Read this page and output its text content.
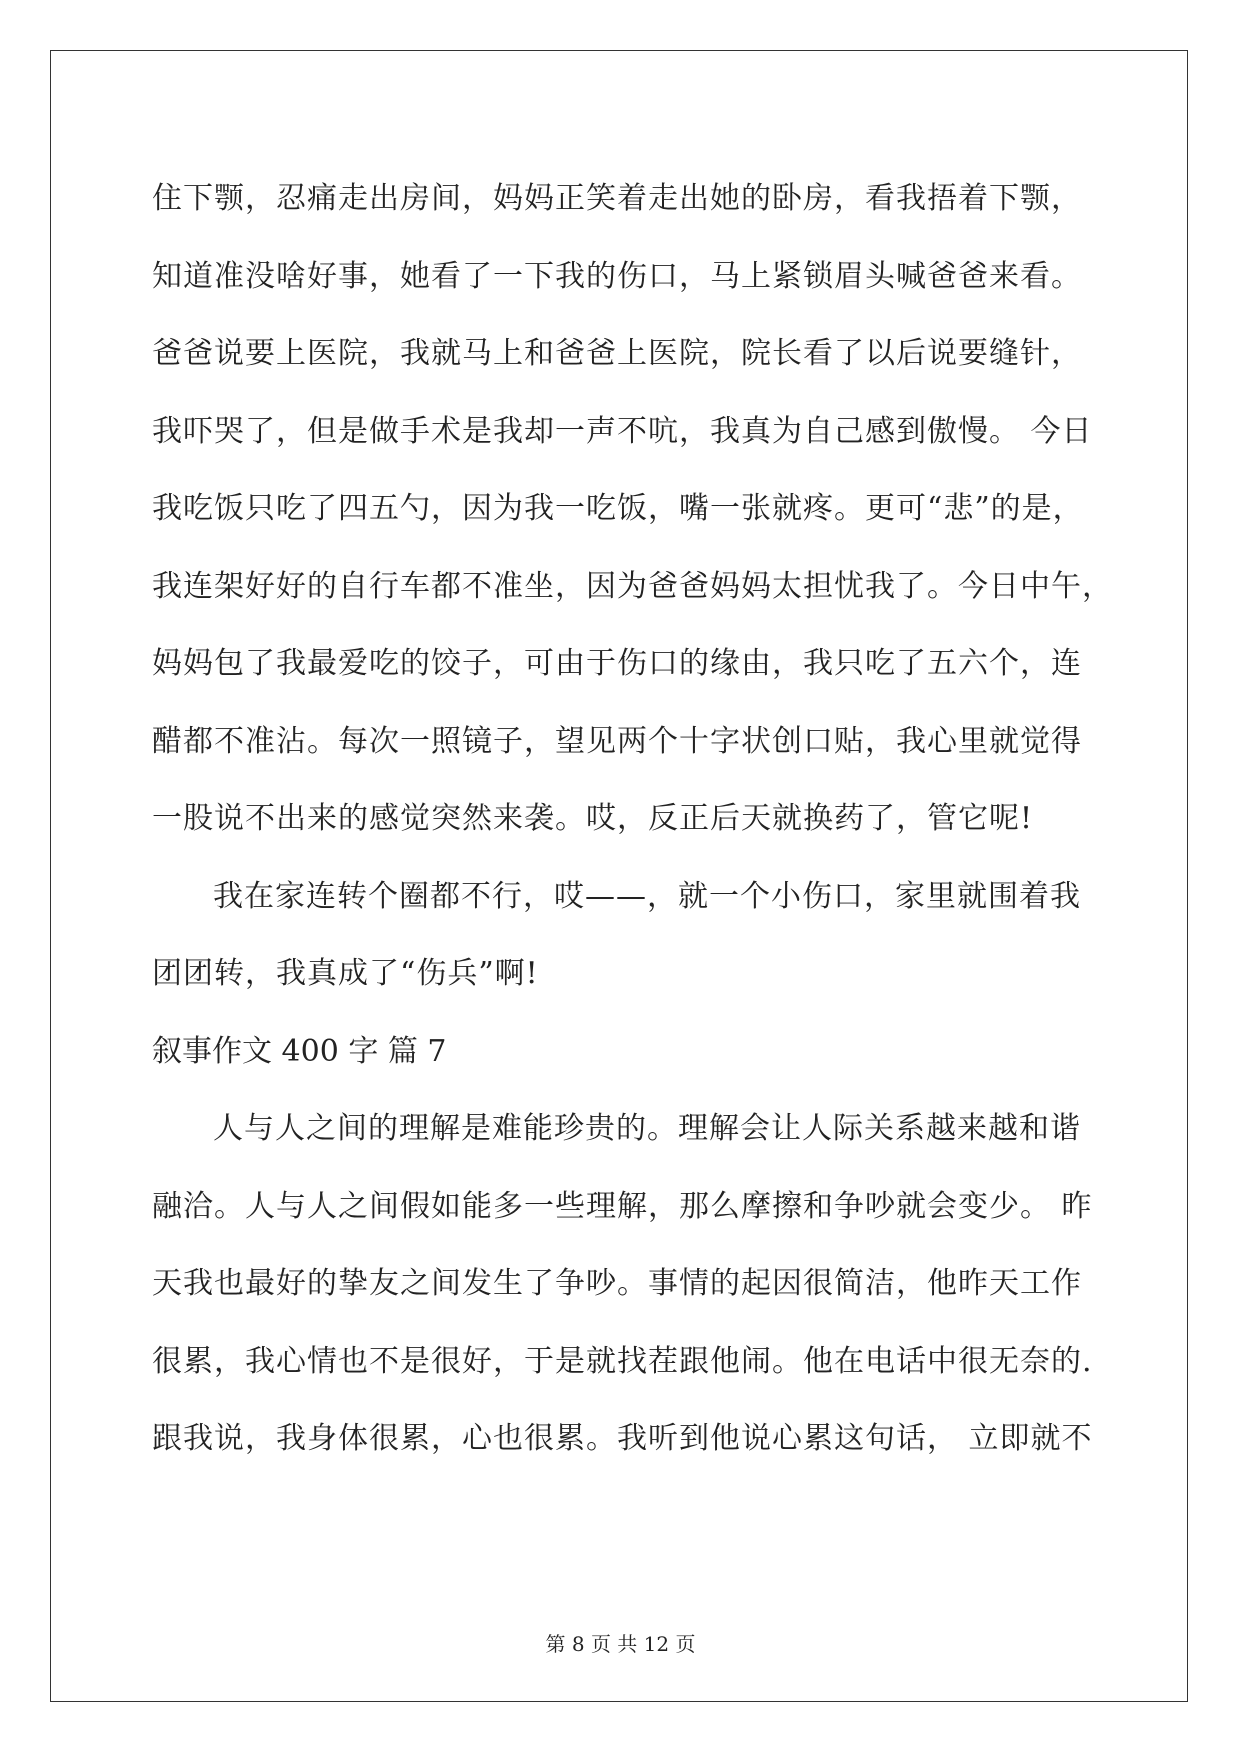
住下颚，忍痛走出房间，妈妈正笑着走出她的卧房，看我捂着下颚，
知道准没啥好事，她看了一下我的伤口，马上紧锁眉头喊爸爸来看。
爸爸说要上医院，我就马上和爸爸上医院，院长看了以后说要缝针，
我吓哭了，但是做手术是我却一声不吭，我真为自己感到傲慢。 今日
我吃饭只吃了四五勺，因为我一吃饭，嘴一张就疼。更可“悲”的是，
我连架好好的自行车都不准坐，因为爸爸妈妈太担忧我了。今日中午，
妈妈包了我最爱吃的饺子，可由于伤口的缘由，我只吃了五六个，连
醋都不准沾。每次一照镜子，望见两个十字状创口贴，我心里就觉得
一股说不出来的感觉突然来袭。哎，反正后天就换药了，管它呢!
我在家连转个圈都不行，哎——，就一个小伤口，家里就围着我
团团转，我真成了“伤兵”啊!
叙事作文 400 字 篇 7
人与人之间的理解是难能珍贵的。理解会让人际关系越来越和谐
融洽。人与人之间假如能多一些理解，那么摩擦和争吵就会变少。 昨
天我也最好的挚友之间发生了争吵。事情的起因很简洁，他昨天工作
很累，我心情也不是很好，于是就找茬跟他闹。他在电话中很无奈的.
跟我说，我身体很累，心也很累。我听到他说心累这句话， 立即就不
第 8 页 共 12 页
